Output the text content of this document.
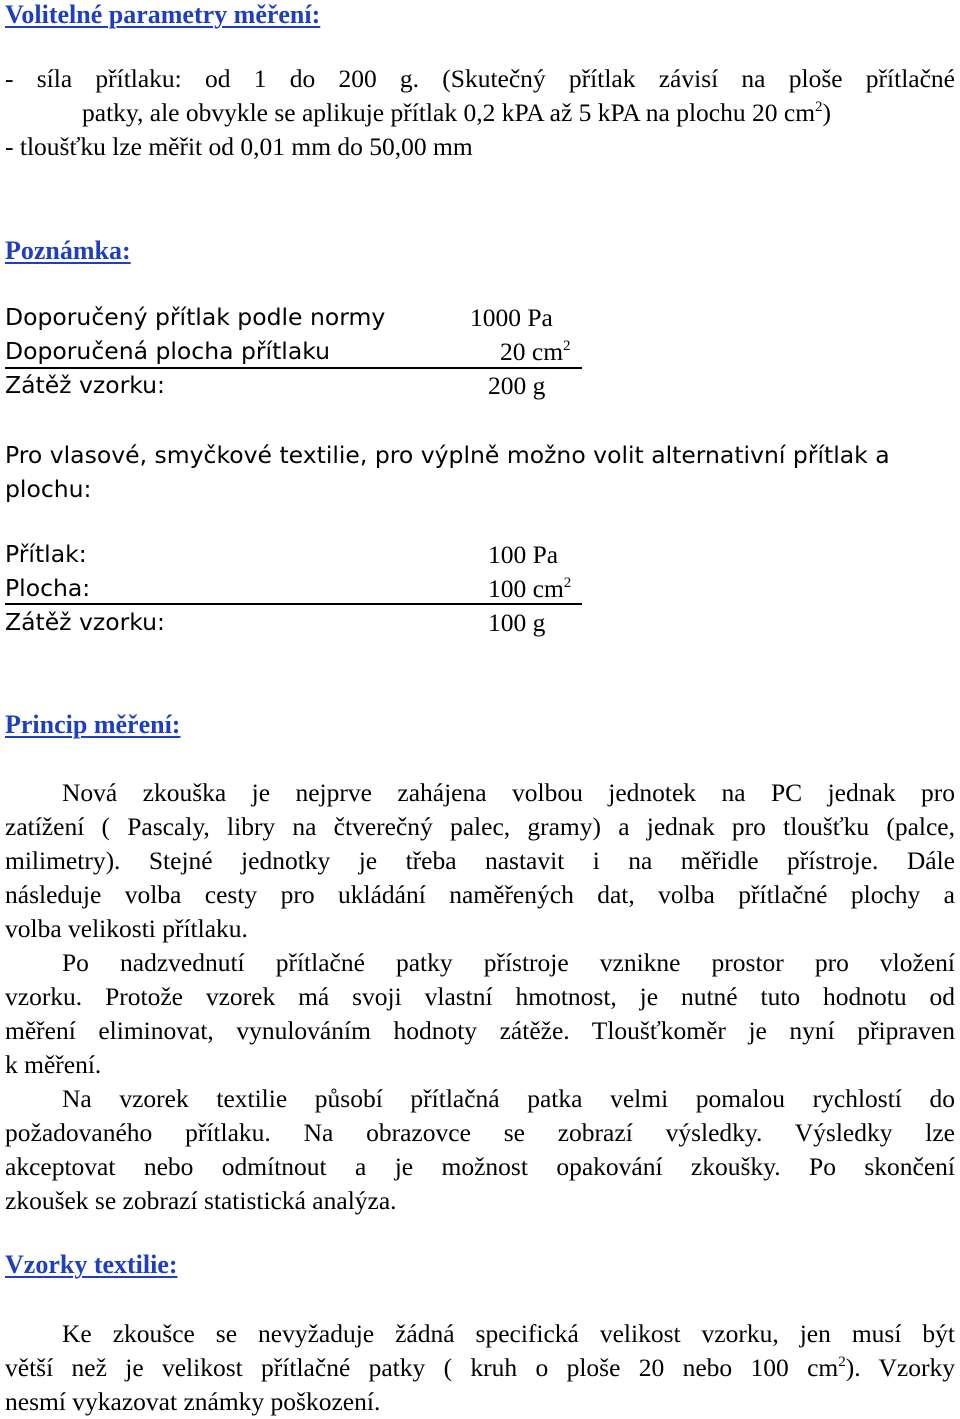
Volitelné parametry měření:
- síla přítlaku: od 1 do 200 g. (Skutečný přítlak závisí na ploše přítlačné
patky, ale obvykle se aplikuje přítlak 0,2 kPA až 5 kPA na plochu 20 $cm^2$)
- tloušťku lze měřit od 0,01 mm do 50,00 mm
Poznámka:
Doporučený přítlak podle normy	1000 Pa
Doporučená plocha přítlaku	20 $cm^2$
Zátěž vzorku:	200 g
Pro vlasové, smyčkové textilie, pro výplně možno volit alternativní přítlak a
plochu:
Přítlak:	100 Pa
Plocha:	100 $cm^2$
Zátěž vzorku:	100 g
Princip měření:
Nová zkouška je nejprve zahájena volbou jednotek na PC jednak pro
zatížení ( Pascaly, libry na čtverečný palec, gramy) a jednak pro tloušťku (palce,
milimetry). Stejné jednotky je třeba nastavit i na měřidle přístroje. Dále
následuje volba cesty pro ukládání naměřených dat, volba přítlačné plochy a
volba velikosti přítlaku.
Po nadzvednutí přítlačné patky přístroje vznikne prostor pro vložení
vzorku. Protože vzorek má svoji vlastní hmotnost, je nutné tuto hodnotu od
měření eliminovat, vynulováním hodnoty zátěže. Tloušťkoměr je nyní připraven
k měření.
Na vzorek textilie působí přítlačná patka velmi pomalou rychlostí do
požadovaného přítlaku. Na obrazovce se zobrazí výsledky. Výsledky lze
akceptovat nebo odmítnout a je možnost opakování zkoušky. Po skončení
zkoušek se zobrazí statistická analýza.
Vzorky textilie:
Ke zkoušce se nevyžaduje žádná specifická velikost vzorku, jen musí být
větší než je velikost přítlačné patky ( kruh o ploše 20 nebo 100 $cm^2$). Vzorky
nesmí vykazovat známky poškození.
